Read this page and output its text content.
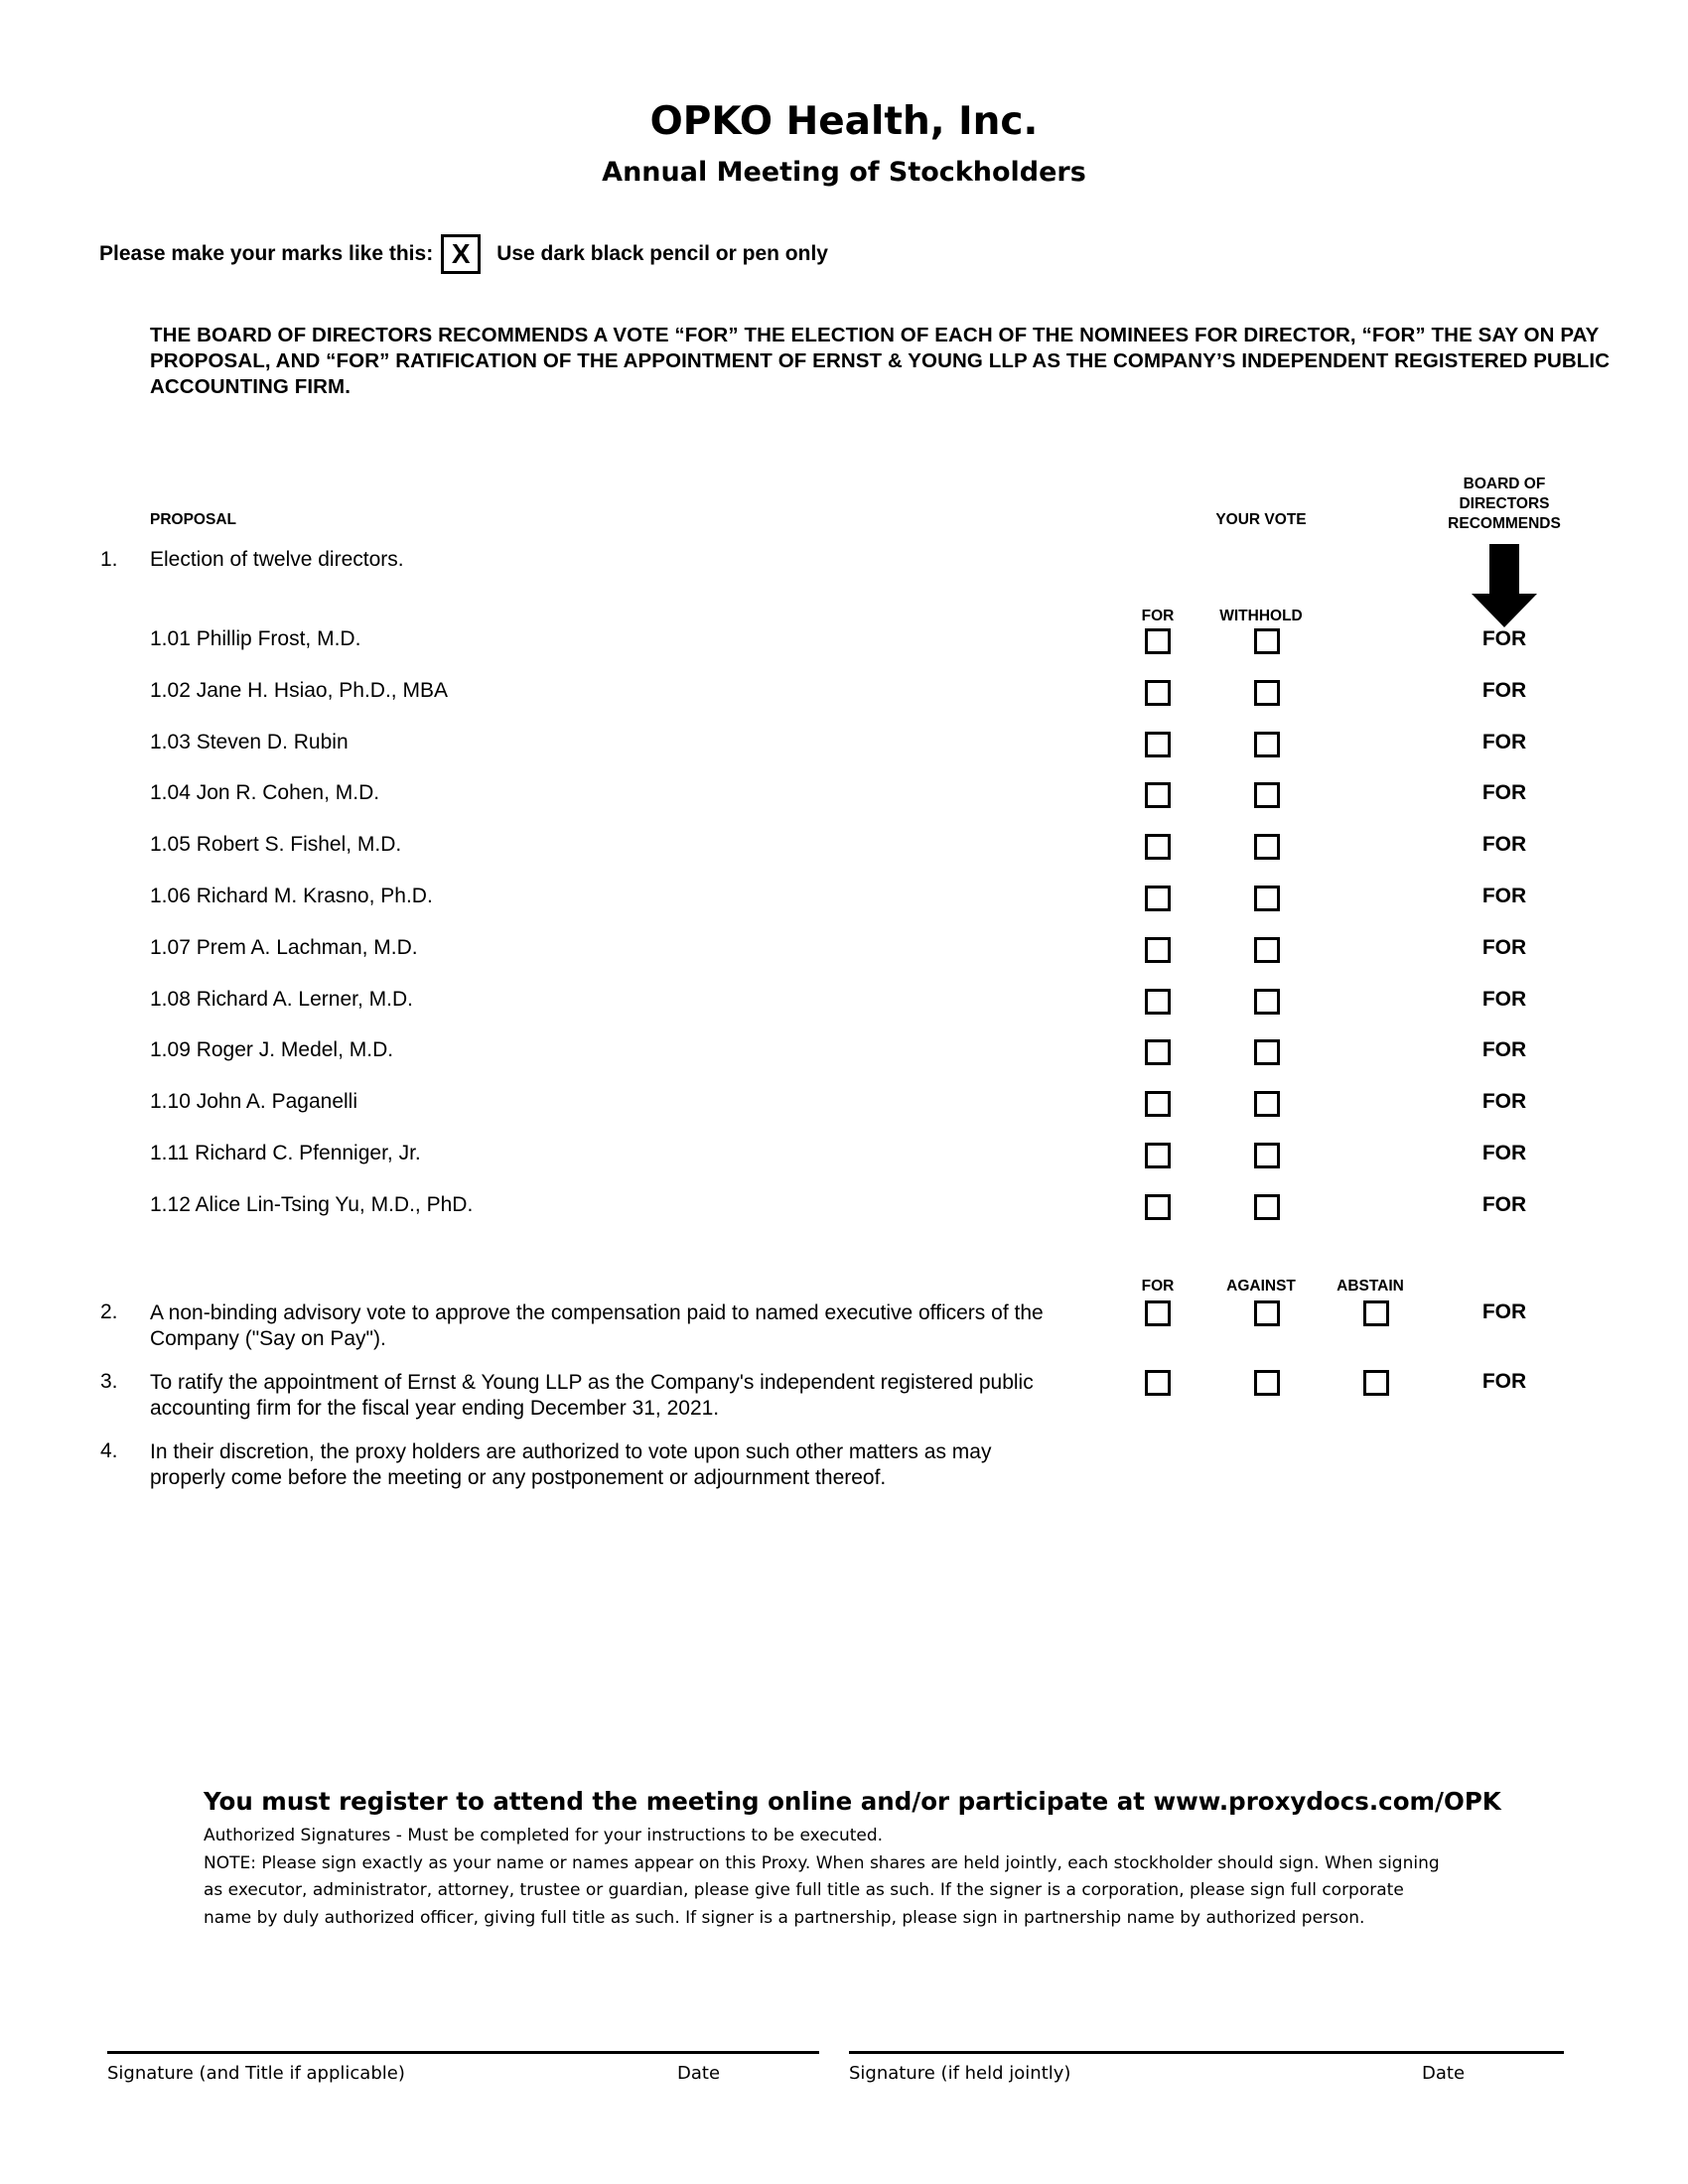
OPKO Health, Inc.
Annual Meeting of Stockholders
Please make your marks like this: X	Use dark black pencil or pen only
THE BOARD OF DIRECTORS RECOMMENDS A VOTE “FOR” THE ELECTION OF EACH OF THE NOMINEES FOR DIRECTOR, “FOR” THE SAY ON PAY PROPOSAL, AND “FOR” RATIFICATION OF THE APPOINTMENT OF ERNST & YOUNG LLP AS THE COMPANY’S INDEPENDENT REGISTERED PUBLIC ACCOUNTING FIRM.
PROPOSAL	YOUR VOTE
BOARD OF
DIRECTORS
RECOMMENDS
1. Election of twelve directors.
FOR	WITHHOLD
1.01 Phillip Frost, M.D.	FOR
1.02 Jane H. Hsiao, Ph.D., MBA	FOR
1.03 Steven D. Rubin	FOR
1.04 Jon R. Cohen, M.D.	FOR
1.05 Robert S. Fishel, M.D.	FOR
1.06 Richard M. Krasno, Ph.D.	FOR
1.07 Prem A. Lachman, M.D.	FOR
1.08 Richard A. Lerner, M.D.	FOR
1.09 Roger J. Medel, M.D.	FOR
1.10 John A. Paganelli	FOR
1.11 Richard C. Pfenniger, Jr.	FOR
1.12 Alice Lin-Tsing Yu, M.D., PhD.	FOR
FOR	AGAINST	ABSTAIN
2. A non-binding advisory vote to approve the compensation paid to named executive officers of the Company ("Say on Pay").
FOR
3. To ratify the appointment of Ernst & Young LLP as the Company's independent registered public accounting firm for the fiscal year ending December 31, 2021.
FOR
4. In their discretion, the proxy holders are authorized to vote upon such other matters as may properly come before the meeting or any postponement or adjournment thereof.
You must register to attend the meeting online and/or participate at www.proxydocs.com/OPK
Authorized Signatures - Must be completed for your instructions to be executed.
NOTE: Please sign exactly as your name or names appear on this Proxy. When shares are held jointly, each stockholder should sign. When signing as executor, administrator, attorney, trustee or guardian, please give full title as such. If the signer is a corporation, please sign full corporate name by duly authorized officer, giving full title as such. If signer is a partnership, please sign in partnership name by authorized person.
Signature (and Title if applicable)	Date	Signature (if held jointly)	Date
